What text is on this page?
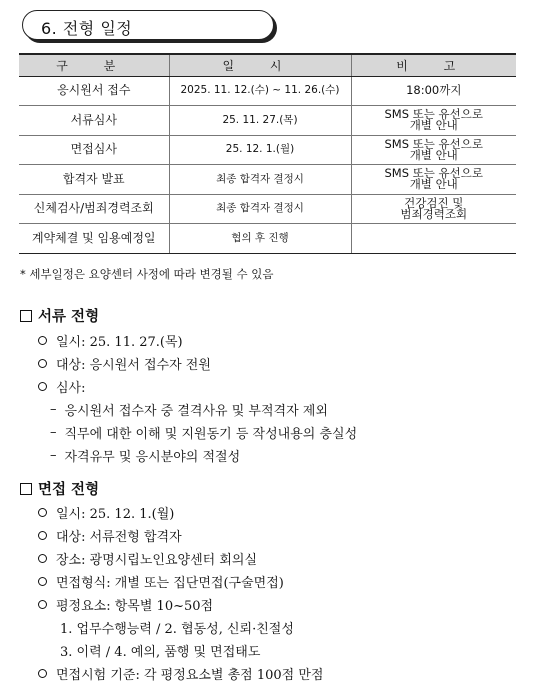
6. 전형 일정
구 분	일 시	비 고
응시원서 접수	2025. 11. 12.(수) ~ 11. 26.(수)	18:00까지

서류심사	25. 11. 27.(목)	SMS 또는 유선으로
개별 안내

면접심사	25. 12. 1.(월)	SMS 또는 유선으로
개별 안내

합격자 발표	최종 합격자 결정시	SMS 또는 유선으로
개별 안내

신체검사/범죄경력조회	최종 합격자 결정시	건강검진 및
범죄경력조회

계약체결 및 임용예정일	협의 후 진행	
* 세부일정은 요양센터 사정에 따라 변경될 수 있음
서류 전형
일시: 25. 11. 27.(목)
대상: 응시원서 접수자 전원
심사:
– 응시원서 접수자 중 결격사유 및 부적격자 제외
– 직무에 대한 이해 및 지원동기 등 작성내용의 충실성
– 자격유무 및 응시분야의 적절성
면접 전형
일시: 25. 12. 1.(월)
대상: 서류전형 합격자
장소: 광명시립노인요양센터 회의실
면접형식: 개별 또는 집단면접(구술면접)
평정요소: 항목별 10~50점
1. 업무수행능력 / 2. 협동성, 신뢰·친절성
3. 이력 / 4. 예의, 품행 및 면접태도
면접시험 기준: 각 평정요소별 총점 100점 만점
